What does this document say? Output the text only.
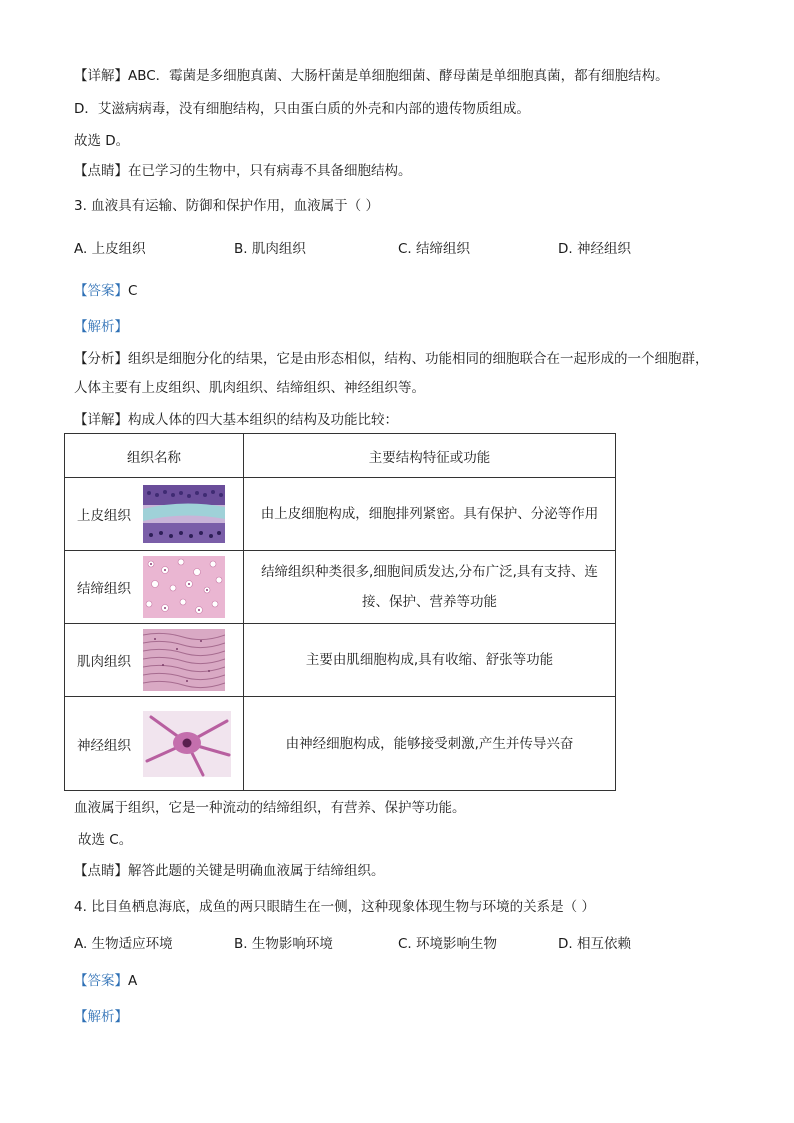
【详解】ABC．霉菌是多细胞真菌、大肠杆菌是单细胞细菌、酵母菌是单细胞真菌，都有细胞结构。
D．艾滋病病毒，没有细胞结构，只由蛋白质的外壳和内部的遗传物质组成。
故选 D。
【点睛】在已学习的生物中，只有病毒不具备细胞结构。
3. 血液具有运输、防御和保护作用，血液属于（ ）
A. 上皮组织	B. 肌肉组织	C. 结缔组织	D. 神经组织
【答案】C
【解析】
【分析】组织是细胞分化的结果，它是由形态相似，结构、功能相同的细胞联合在一起形成的一个细胞群，
人体主要有上皮组织、肌肉组织、结缔组织、神经组织等。
【详解】构成人体的四大基本组织的结构及功能比较：
组织名称	主要结构特征或功能

上皮组织	由上皮细胞构成，细胞排列紧密。具有保护、分泌等作用

结缔组织	结缔组织种类很多,细胞间质发达,分布广泛,具有支持、连接、保护、营养等功能

肌肉组织	主要由肌细胞构成,具有收缩、舒张等功能

神经组织	由神经细胞构成，能够接受刺激,产生并传导兴奋
血液属于组织，它是一种流动的结缔组织，有营养、保护等功能。
故选 C。
【点睛】解答此题的关键是明确血液属于结缔组织。
4. 比目鱼栖息海底，成鱼的两只眼睛生在一侧，这种现象体现生物与环境的关系是（ ）
A. 生物适应环境	B. 生物影响环境	C. 环境影响生物	D. 相互依赖
【答案】A
【解析】
